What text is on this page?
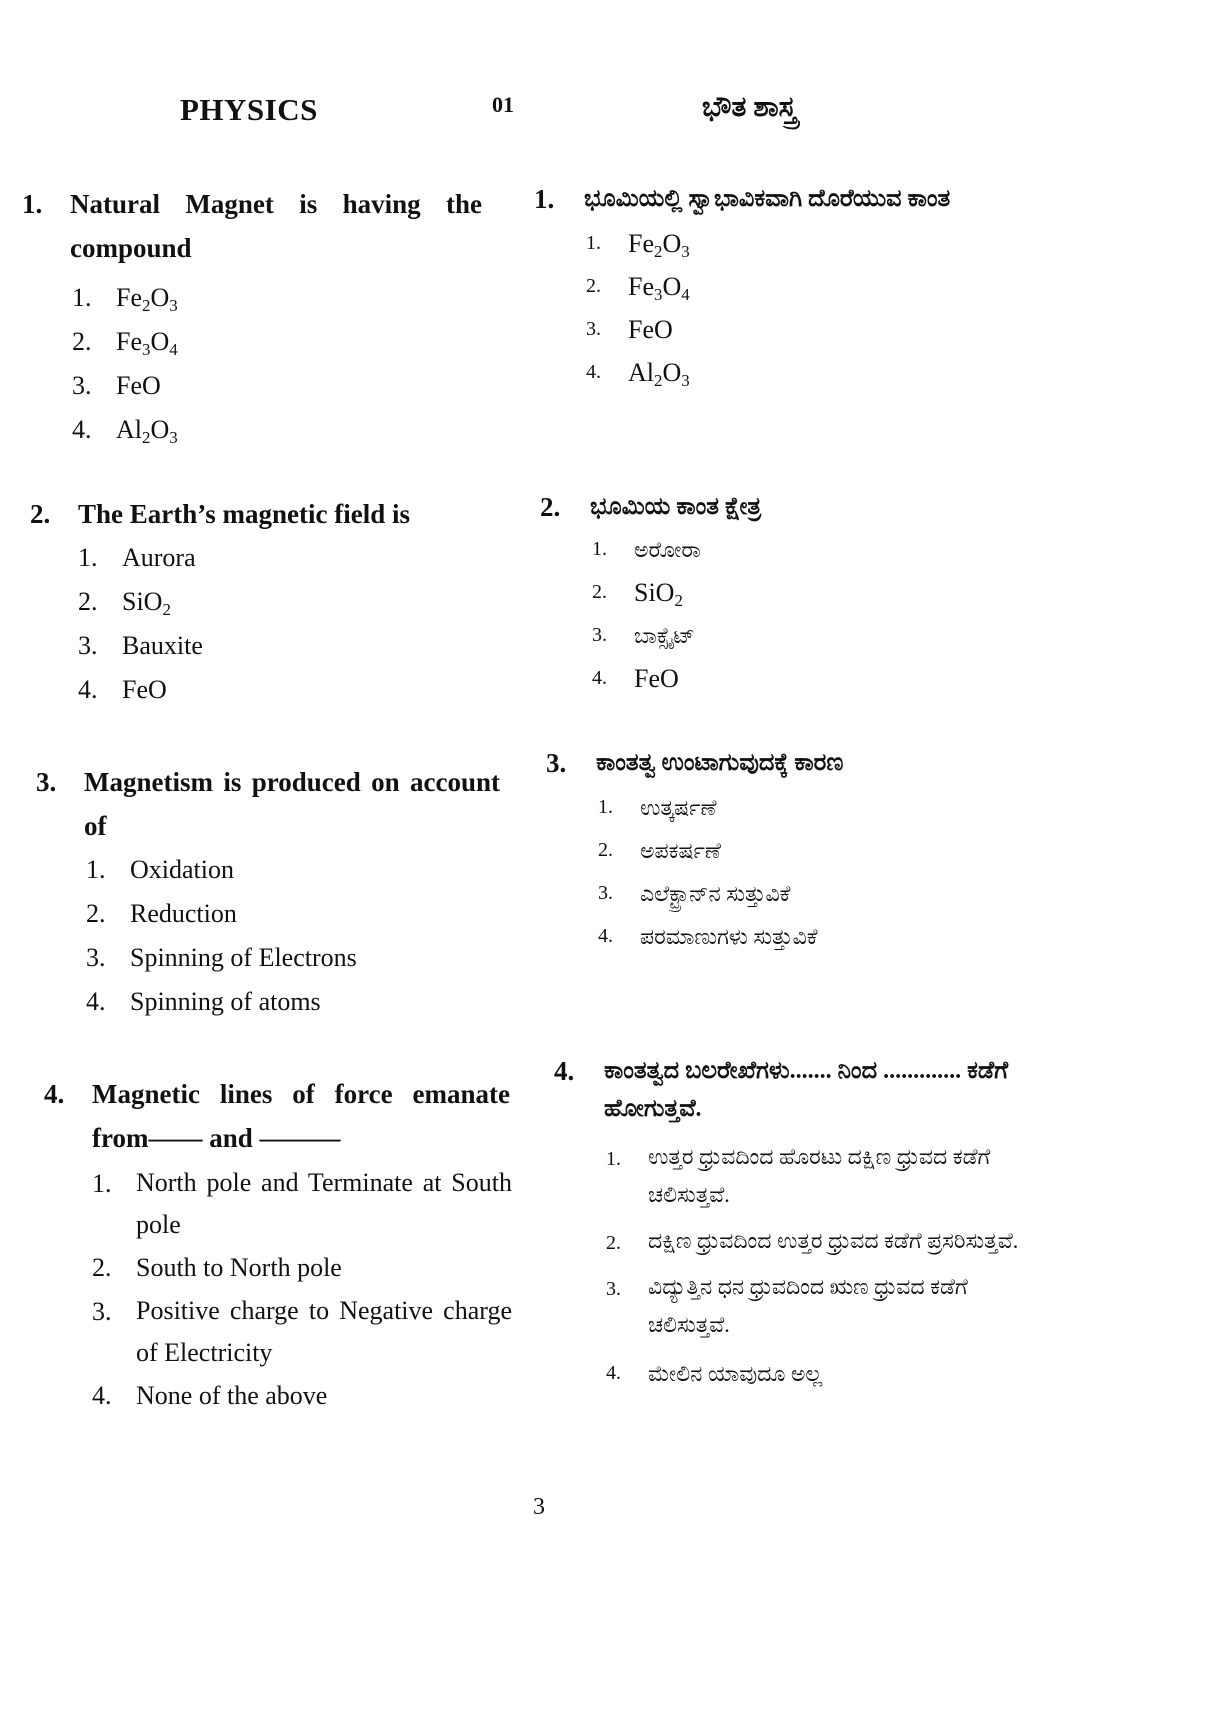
PHYSICS	01	ಭೌತ ಶಾಸ್ತ್ರ
1. Natural Magnet is having the compound
1. $Fe_2O_3$
2. $Fe_3O_4$
3. FeO
4. $Al_2O_3$
2. The Earth’s magnetic field is
1. Aurora
2. SiO$_2$
3. Bauxite
4. FeO
3. Magnetism is produced on account of
1. Oxidation
2. Reduction
3. Spinning of Electrons
4. Spinning of atoms
4. Magnetic lines of force emanate from—— and ———
1. North pole and Terminate at South pole
2. South to North pole
3. Positive charge to Negative charge of Electricity
4. None of the above
1. ಭೂಮಿಯಲ್ಲಿ ಸ್ವಾಭಾವಿಕವಾಗಿ ದೊರೆಯುವ ಕಾಂತ
1. $Fe_2O_3$
2. $Fe_3O_4$
3. FeO
4. $Al_2O_3$
2. ಭೂಮಿಯ ಕಾಂತ ಕ್ಷೇತ್ರ
1. ಅರೋರಾ
2. SiO$_2$
3. ಬಾಕ್ಸೈಟ್
4. FeO
3. ಕಾಂತತ್ವ ಉಂಟಾಗುವುದಕ್ಕೆ ಕಾರಣ
1. ಉತ್ಕರ್ಷಣೆ
2. ಅಪಕರ್ಷಣೆ
3. ಎಲೆಕ್ಟ್ರಾನ್‌ನ ಸುತ್ತುವಿಕೆ
4. ಪರಮಾಣುಗಳು ಸುತ್ತುವಿಕೆ
4. ಕಾಂತತ್ವದ ಬಲರೇಖೆಗಳು....... ನಿಂದ ............. ಕಡೆಗೆ ಹೋಗುತ್ತವೆ.
1. ಉತ್ತರ ಧ್ರುವದಿಂದ ಹೊರಟು ದಕ್ಷಿಣ ಧ್ರುವದ ಕಡೆಗೆ ಚಲಿಸುತ್ತವೆ.
2. ದಕ್ಷಿಣ ಧ್ರುವದಿಂದ ಉತ್ತರ ಧ್ರುವದ ಕಡೆಗೆ ಪ್ರಸರಿಸುತ್ತವೆ.
3. ವಿದ್ಯುತ್ತಿನ ಧನ ಧ್ರುವದಿಂದ ಋಣ ಧ್ರುವದ ಕಡೆಗೆ ಚಲಿಸುತ್ತವೆ.
4. ಮೇಲಿನ ಯಾವುದೂ ಅಲ್ಲ
3
